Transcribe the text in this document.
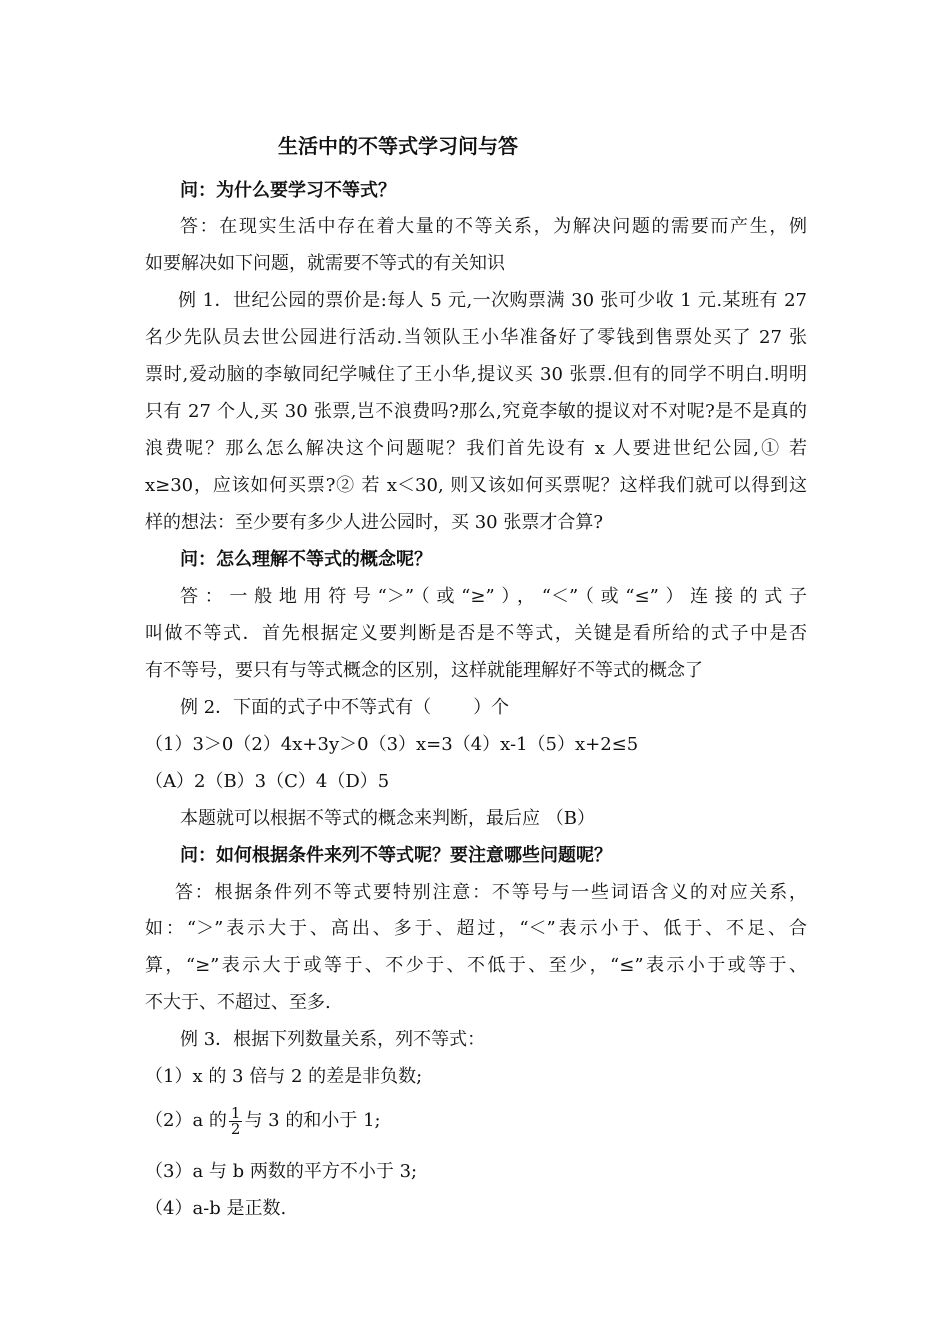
生活中的不等式学习问与答
问：为什么要学习不等式？
答：在现实生活中存在着大量的不等关系，为解决问题的需要而产生，例
如要解决如下问题，就需要不等式的有关知识
例 1．世纪公园的票价是:每人 5 元,一次购票满 30 张可少收 1 元.某班有 27
名少先队员去世公园进行活动.当领队王小华准备好了零钱到售票处买了 27 张
票时,爱动脑的李敏同纪学喊住了王小华,提议买 30 张票.但有的同学不明白.明明
只有 27 个人,买 30 张票,岂不浪费吗?那么,究竟李敏的提议对不对呢?是不是真的
浪费呢？那么怎么解决这个问题呢？我们首先设有 x 人要进世纪公园,① 若
x≥30，应该如何买票?② 若 x＜30, 则又该如何买票呢？这样我们就可以得到这
样的想法：至少要有多少人进公园时，买 30 张票才合算?
问：怎么理解不等式的概念呢？
答：一般地用符号“＞”（或“≥”），“＜”（或“≤”）连接的式子
叫做不等式．首先根据定义要判断是否是不等式，关键是看所给的式子中是否
有不等号，要只有与等式概念的区别，这样就能理解好不等式的概念了
例 2．下面的式子中不等式有（ ）个
（1）3＞0（2）4x+3y＞0（3）x=3（4）x-1（5）x+2≤5
（A）2（B）3（C）4（D）5
本题就可以根据不等式的概念来判断，最后应 （B）
问：如何根据条件来列不等式呢？要注意哪些问题呢？
答：根据条件列不等式要特别注意：不等号与一些词语含义的对应关系，
如：“＞”表示大于、高出、多于、超过，“＜”表示小于、低于、不足、合
算，“≥”表示大于或等于、不少于、不低于、至少，“≤”表示小于或等于、
不大于、不超过、至多.
例 3．根据下列数量关系，列不等式：
（1）x 的 3 倍与 2 的差是非负数;
（2）a 的 $\frac{1}{2}$ 与 3 的和小于 1;
（3）a 与 b 两数的平方不小于 3;
（4）a-b 是正数.
